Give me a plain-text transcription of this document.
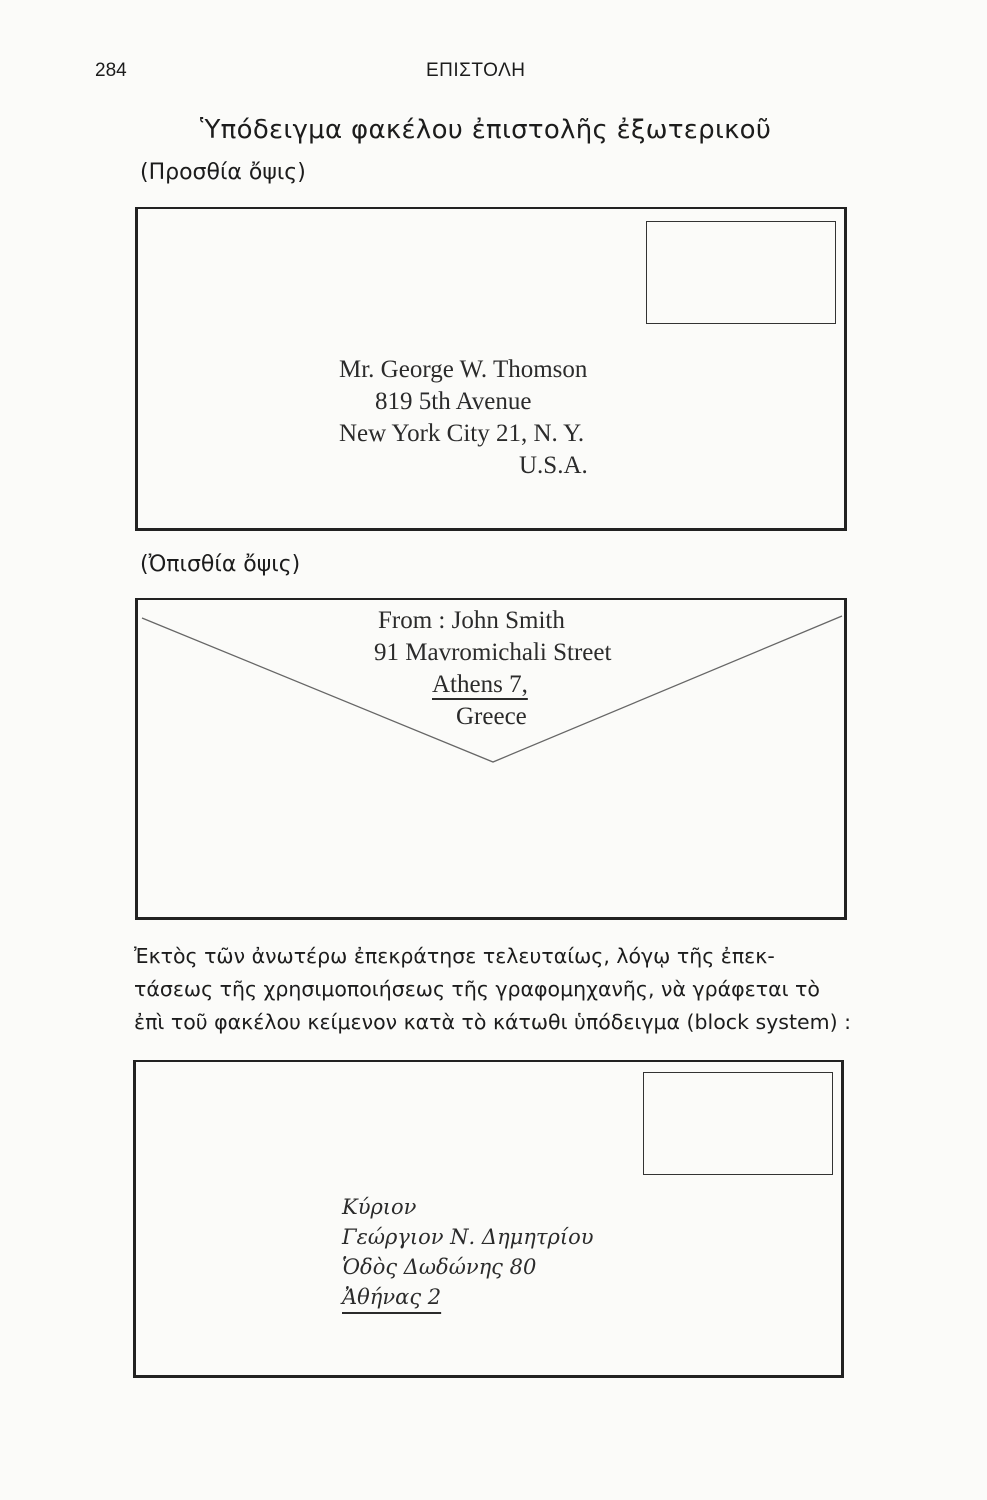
284	ΕΠΙΣΤΟΛΗ
Ὑπόδειγμα φακέλου ἐπιστολῆς ἐξωτερικοῦ
(Προσθία ὄψις)
Mr. George W. Thomson
819 5th Avenue
New York City 21, N. Y.
U.S.A.
(Ὀπισθία ὄψις)
From : John Smith
91 Mavromichali Street
Athens 7,
Greece
Ἐκτὸς τῶν ἀνωτέρω ἐπεκράτησε τελευταίως, λόγῳ τῆς ἐπεκ-
τάσεως τῆς χρησιμοποιήσεως τῆς γραφομηχανῆς, νὰ γράφεται τὸ
ἐπὶ τοῦ φακέλου κείμενον κατὰ τὸ κάτωθι ὑπόδειγμα (block system) :
Κύριον
Γεώργιον Ν. Δημητρίου
Ὁδὸς Δωδώνης 80
Ἀθήνας 2
